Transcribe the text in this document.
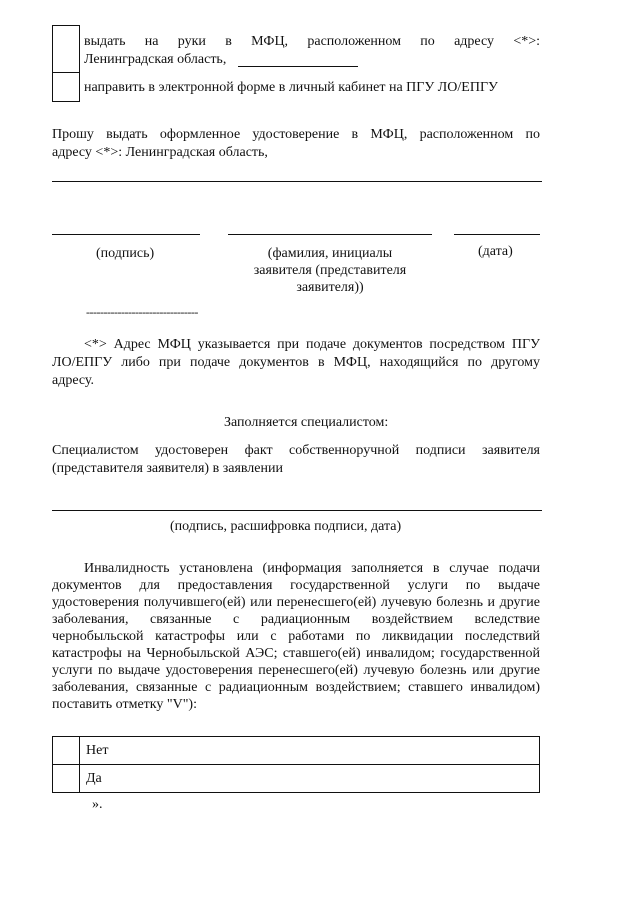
выдать на руки в МФЦ, расположенном по адресу <*>:
Ленинградская область,
направить в электронной форме в личный кабинет на ПГУ ЛО/ЕПГУ
Прошу выдать оформленное удостоверение в МФЦ, расположенном по
адресу <*>: Ленинградская область,
(подпись)	(фамилия, инициалы
заявителя (представителя
заявителя))
(дата)
--------------------------------
<*> Адрес МФЦ указывается при подаче документов посредством ПГУ
ЛО/ЕПГУ либо при подаче документов в МФЦ, находящийся по другому
адресу.
Заполняется специалистом:
Специалистом удостоверен факт собственноручной подписи заявителя
(представителя заявителя) в заявлении
(подпись, расшифровка подписи, дата)
Инвалидность установлена (информация заполняется в случае подачи
документов для предоставления государственной услуги по выдаче
удостоверения получившего(ей) или перенесшего(ей) лучевую болезнь и другие
заболевания, связанные с радиационным воздействием вследствие
чернобыльской катастрофы или с работами по ликвидации последствий
катастрофы на Чернобыльской АЭС; ставшего(ей) инвалидом; государственной
услуги по выдаче удостоверения перенесшего(ей) лучевую болезнь или другие
заболевания, связанные с радиационным воздействием; ставшего инвалидом)
поставить отметку "V"):
	Нет
	Да
».
